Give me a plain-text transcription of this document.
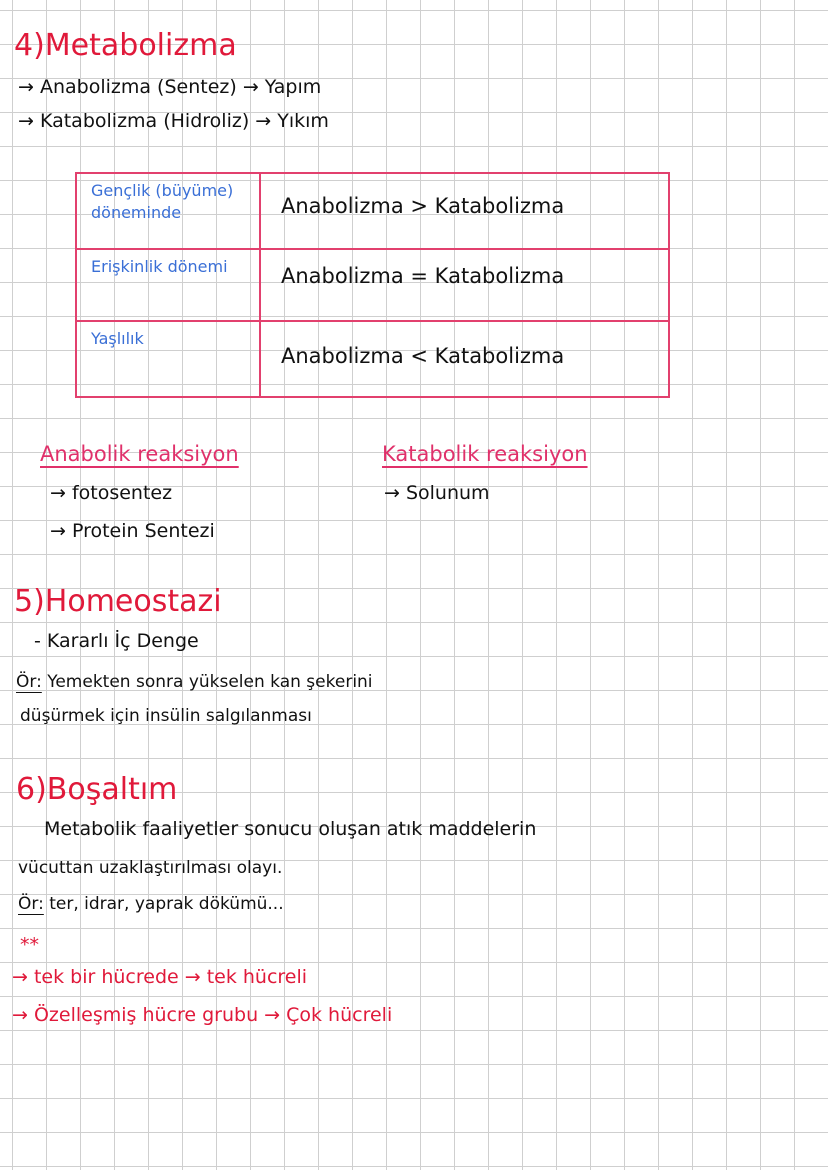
4)Metabolizma
→ Anabolizma (Sentez) → Yapım
→ Katabolizma (Hidroliz) → Yıkım
Gençlik (büyüme) döneminde	Anabolizma > Katabolizma
Erişkinlik dönemi	Anabolizma = Katabolizma
Yaşlılık
Anabolizma < Katabolizma
Anabolik reaksiyon
→ fotosentez
→ Protein Sentezi
Katabolik reaksiyon
→ Solunum
5)Homeostazi
- Kararlı İç Denge
Ör: Yemekten sonra yükselen kan şekerini
düşürmek için insülin salgılanması
6)Boşaltım
Metabolik faaliyetler sonucu oluşan atık maddelerin
vücuttan uzaklaştırılması olayı.
Ör: ter, idrar, yaprak dökümü...
**
→ tek bir hücrede → tek hücreli
→ Özelleşmiş hücre grubu → Çok hücreli
